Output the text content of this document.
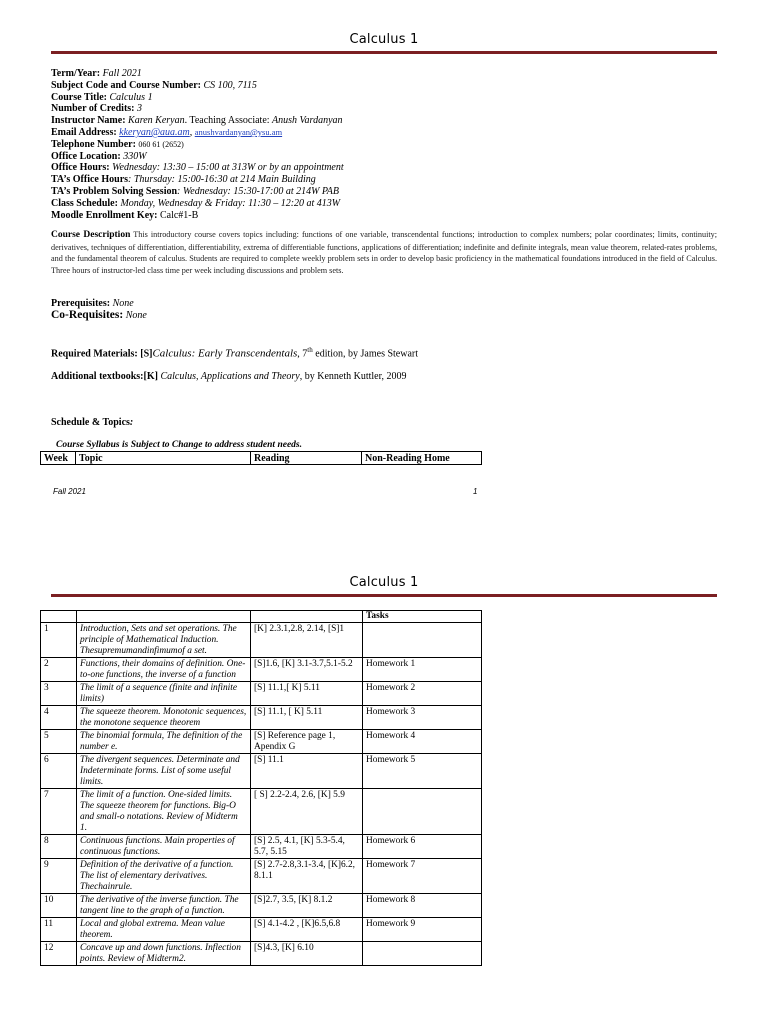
Calculus 1
Term/Year: Fall 2021
Subject Code and Course Number: CS 100, 7115
Course Title: Calculus 1
Number of Credits: 3
Instructor Name: Karen Keryan. Teaching Associate: Anush Vardanyan
Email Address: kkeryan@aua.am, anushvardanyan@ysu.am
Telephone Number: 060 61 (2652)
Office Location: 330W
Office Hours: Wednesday: 13:30 – 15:00 at 313W or by an appointment
TA’s Office Hours: Thursday: 15:00-16:30 at 214 Main Building
TA’s Problem Solving Session: Wednesday: 15:30-17:00 at 214W PAB
Class Schedule: Monday, Wednesday & Friday: 11:30 – 12:20 at 413W
Moodle Enrollment Key: Calc#1-B
Course Description This introductory course covers topics including: functions of one variable, transcendental functions; introduction to complex numbers; polar coordinates; limits, continuity; derivatives, techniques of differentiation, differentiability, extrema of differentiable functions, applications of differentiation; indefinite and definite integrals, mean value theorem, related-rates problems, and the fundamental theorem of calculus. Students are required to complete weekly problem sets in order to develop basic proficiency in the mathematical foundations introduced in the field of Calculus. Three hours of instructor-led class time per week including discussions and problem sets.
Prerequisites: None
Co-Requisites: None
Required Materials: [S]Calculus: Early Transcendentals, 7th edition, by James Stewart
Additional textbooks:[K] Calculus, Applications and Theory, by Kenneth Kuttler, 2009
Schedule & Topics:
Course Syllabus is Subject to Change to address student needs.
Week	Topic	Reading	Non-Reading Home
Fall 2021	1
Calculus 1
			Tasks
1	Introduction, Sets and set operations. The principle of Mathematical Induction. Thesupremumandinfimumof a set.	[K] 2.3.1,2.8, 2.14, [S]1	
2	Functions, their domains of definition. One-to-one functions, the inverse of a function	[S]1.6, [K] 3.1-3.7,5.1-5.2	Homework 1
3	The limit of a sequence (finite and infinite limits)	[S] 11.1,[ K] 5.11	Homework 2
4	The squeeze theorem. Monotonic sequences, the monotone sequence theorem	[S] 11.1, [ K] 5.11	Homework 3
5	The binomial formula, The definition of the number e.	[S] Reference page 1, Apendix G	Homework 4
6	The divergent sequences. Determinate and Indeterminate forms. List of some useful limits.	[S] 11.1	Homework 5
7	The limit of a function. One-sided limits. The squeeze theorem for functions. Big-O and small-o notations. Review of Midterm 1.	[ S] 2.2-2.4, 2.6, [K] 5.9	
8	Continuous functions. Main properties of continuous functions.	[S] 2.5, 4.1, [K] 5.3-5.4, 5.7, 5.15	Homework 6
9	Definition of the derivative of a function. The list of elementary derivatives. Thechainrule.	[S] 2.7-2.8,3.1-3.4, [K]6.2, 8.1.1	Homework 7
10	The derivative of the inverse function. The tangent line to the graph of a function.	[S]2.7, 3.5, [K] 8.1.2	Homework 8
11	Local and global extrema. Mean value theorem.	[S] 4.1-4.2 , [K]6.5,6.8	Homework 9
12	Concave up and down functions. Inflection points. Review of Midterm2.	[S]4.3, [K] 6.10	
